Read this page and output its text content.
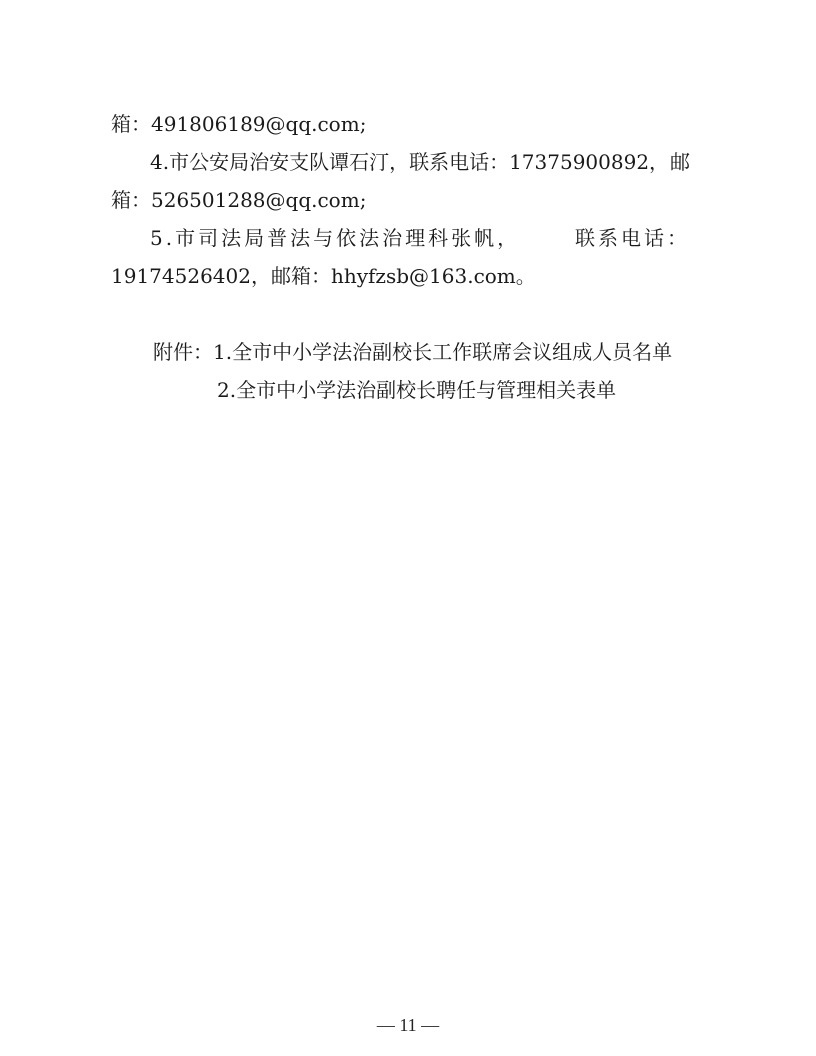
箱：491806189@qq.com;
4.市公安局治安支队谭石汀，联系电话：17375900892， 邮
箱：526501288@qq.com;
5.市司法局普法与依法治理科张帆，	联系电话：
19174526402，邮箱：hhyfzsb@163.com。
附件：1.全市中小学法治副校长工作联席会议组成人员名单
2.全市中小学法治副校长聘任与管理相关表单
— 11 —
